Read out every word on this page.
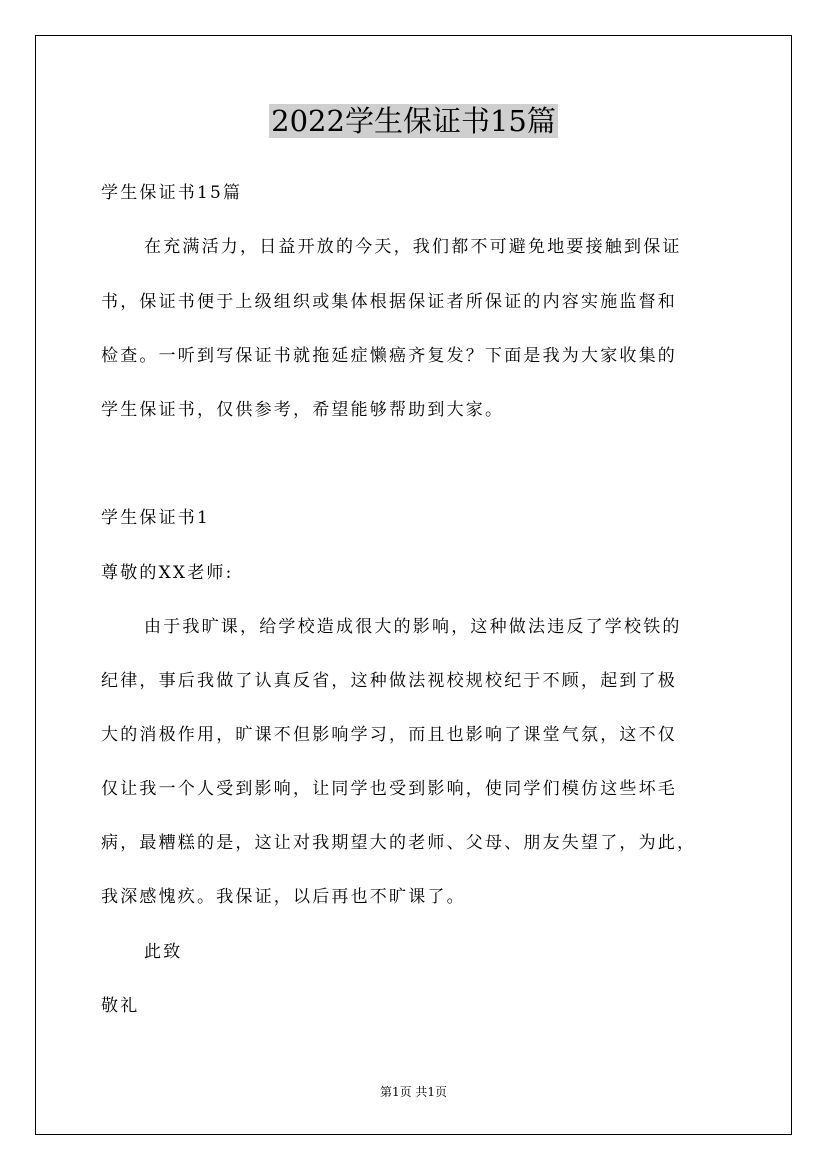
2022学生保证书15篇
学生保证书15篇
在充满活力，日益开放的今天，我们都不可避免地要接触到保证
书，保证书便于上级组织或集体根据保证者所保证的内容实施监督和
检查。一听到写保证书就拖延症懒癌齐复发？下面是我为大家收集的
学生保证书，仅供参考，希望能够帮助到大家。
学生保证书1
尊敬的XX老师:
由于我旷课，给学校造成很大的影响，这种做法违反了学校铁的
纪律，事后我做了认真反省，这种做法视校规校纪于不顾，起到了极
大的消极作用，旷课不但影响学习，而且也影响了课堂气氛，这不仅
仅让我一个人受到影响，让同学也受到影响，使同学们模仿这些坏毛
病，最糟糕的是，这让对我期望大的老师、父母、朋友失望了，为此，
我深感愧疚。我保证，以后再也不旷课了。
此致
敬礼
第1页 共1页
